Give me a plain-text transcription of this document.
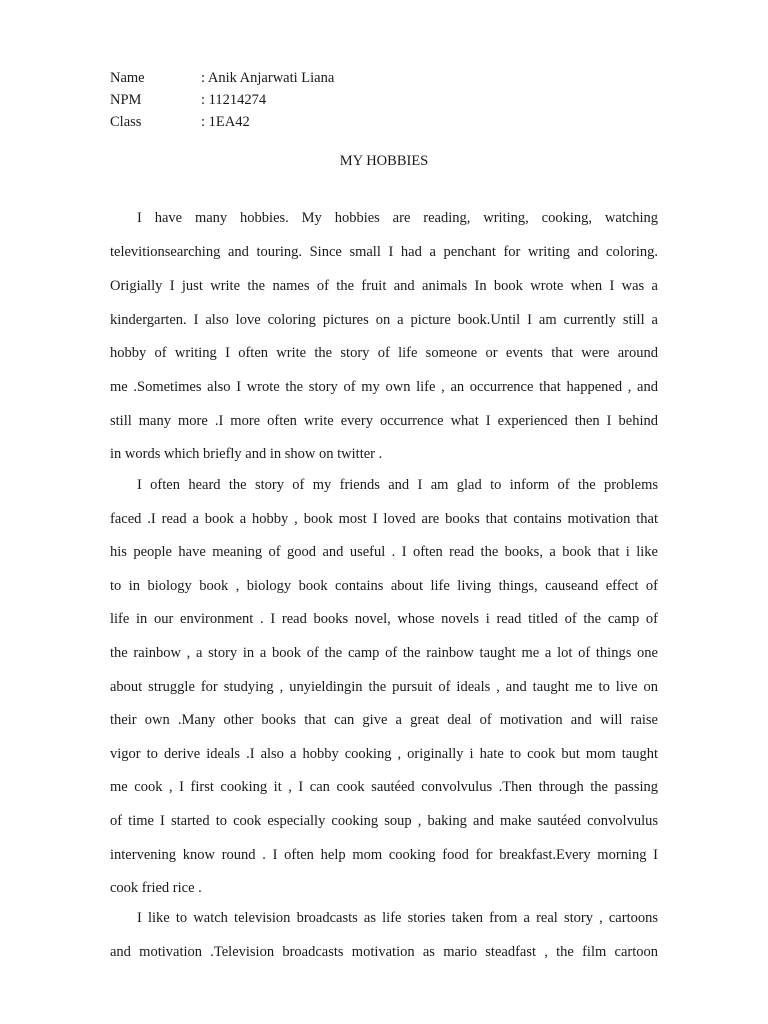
Name	: Anik Anjarwati Liana
NPM	: 11214274
Class	: 1EA42
MY HOBBIES
I have many hobbies. My hobbies are reading, writing, cooking, watching
televitionsearching and touring. Since small I had a penchant for writing and coloring.
Origially I just write the names of the fruit and animals In book wrote when I was a
kindergarten. I also love coloring pictures on a picture book.Until I am currently still a
hobby of writing I often write the story of life someone or events that were around
me .Sometimes also I wrote the story of my own life , an occurrence that happened , and
still many more .I more often write every occurrence what I experienced then I behind
in words which briefly and in show on twitter .
I often heard the story of my friends and I am glad to inform of the problems
faced .I read a book a hobby , book most I loved are books that contains motivation that
his people have meaning of good and useful . I often read the books, a book that i like
to in biology book , biology book contains about life living things, causeand effect of
life in our environment . I read books novel, whose novels i read titled of the camp of
the rainbow , a story in a book of the camp of the rainbow taught me a lot of things one
about struggle for studying , unyieldingin the pursuit of ideals , and taught me to live on
their own .Many other books that can give a great deal of motivation and will raise
vigor to derive ideals .I also a hobby cooking , originally i hate to cook but mom taught
me cook , I first cooking it , I can cook sautéed convolvulus .Then through the passing
of time I started to cook especially cooking soup , baking and make sautéed convolvulus
intervening know round . I often help mom cooking food for breakfast.Every morning I
cook fried rice .
I like to watch television broadcasts as life stories taken from a real story , cartoons
and motivation .Television broadcasts motivation as mario steadfast , the film cartoon
